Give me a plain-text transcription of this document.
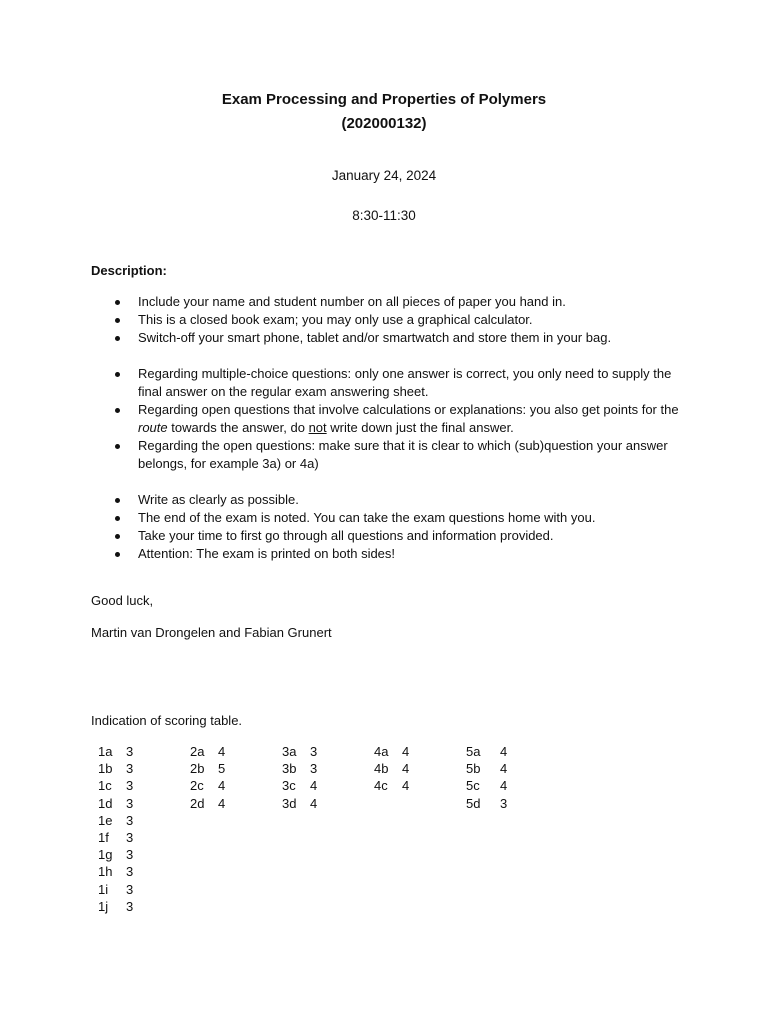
Exam Processing and Properties of Polymers

(202000132)

January 24, 2024
8:30-11:30
Description:
Include your name and student number on all pieces of paper you hand in.
This is a closed book exam; you may only use a graphical calculator.
Switch-off your smart phone, tablet and/or smartwatch and store them in your bag.
Regarding multiple-choice questions: only one answer is correct, you only need to supply the final answer on the regular exam answering sheet.
Regarding open questions that involve calculations or explanations: you also get points for the route towards the answer, do not write down just the final answer.
Regarding the open questions: make sure that it is clear to which (sub)question your answer belongs, for example 3a) or 4a)
Write as clearly as possible.
The end of the exam is noted. You can take the exam questions home with you.
Take your time to first go through all questions and information provided.
Attention: The exam is printed on both sides!
Good luck,
Martin van Drongelen and Fabian Grunert
Indication of scoring table.
1a 3
1b 3
1c 3
1d 3
1e 3
1f 3
1g 3
1h 3
1i 3
1j 3
2a 4
2b 5
2c 4
2d 4
3a 3
3b 3
3c 4
3d 4
4a 4
4b 4
4c 4
5a 4
5b 4
5c 4
5d 3
